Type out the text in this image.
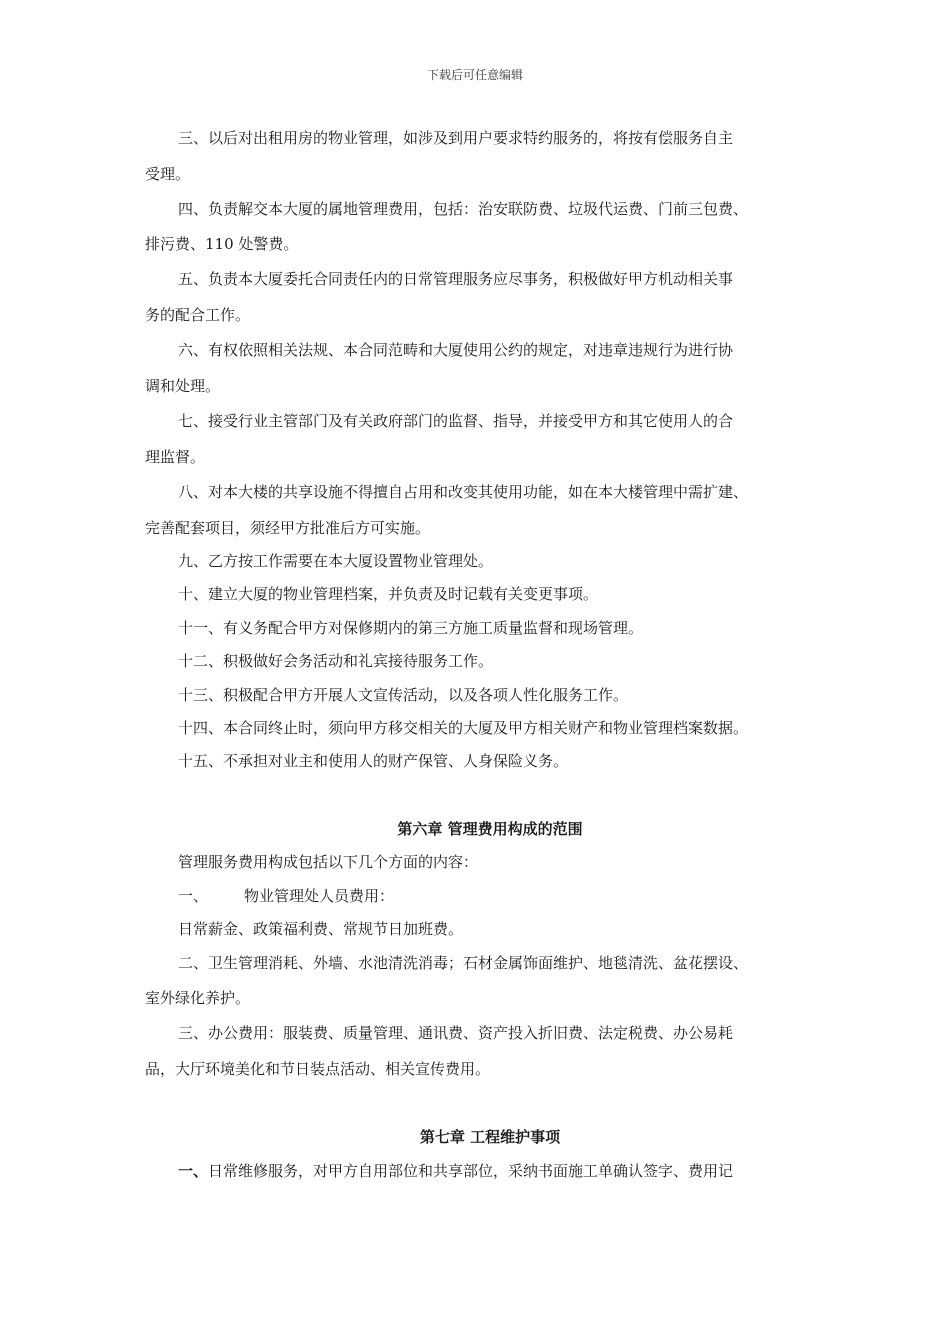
下载后可任意编辑
三、以后对出租用房的物业管理，如涉及到用户要求特约服务的，将按有偿服务自主
受理。
四、负责解交本大厦的属地管理费用，包括：治安联防费、垃圾代运费、门前三包费、
排污费、110 处警费。
五、负责本大厦委托合同责任内的日常管理服务应尽事务，积极做好甲方机动相关事
务的配合工作。
六、有权依照相关法规、本合同范畴和大厦使用公约的规定，对违章违规行为进行协
调和处理。
七、接受行业主管部门及有关政府部门的监督、指导，并接受甲方和其它使用人的合
理监督。
八、对本大楼的共享设施不得擅自占用和改变其使用功能，如在本大楼管理中需扩建、
完善配套项目，须经甲方批准后方可实施。
九、乙方按工作需要在本大厦设置物业管理处。
十、建立大厦的物业管理档案，并负责及时记载有关变更事项。
十一、有义务配合甲方对保修期内的第三方施工质量监督和现场管理。
十二、积极做好会务活动和礼宾接待服务工作。
十三、积极配合甲方开展人文宣传活动，以及各项人性化服务工作。
十四、本合同终止时，须向甲方移交相关的大厦及甲方相关财产和物业管理档案数据。
十五、不承担对业主和使用人的财产保管、人身保险义务。
第六章 管理费用构成的范围
管理服务费用构成包括以下几个方面的内容：
一、 物业管理处人员费用：
日常薪金、政策福利费、常规节日加班费。
二、卫生管理消耗、外墙、水池清洗消毒；石材金属饰面维护、地毯清洗、盆花摆设、
室外绿化养护。
三、办公费用：服装费、质量管理、通讯费、资产投入折旧费、法定税费、办公易耗
品，大厅环境美化和节日装点活动、相关宣传费用。
第七章 工程维护事项
一、日常维修服务，对甲方自用部位和共享部位，采纳书面施工单确认签字、费用记
